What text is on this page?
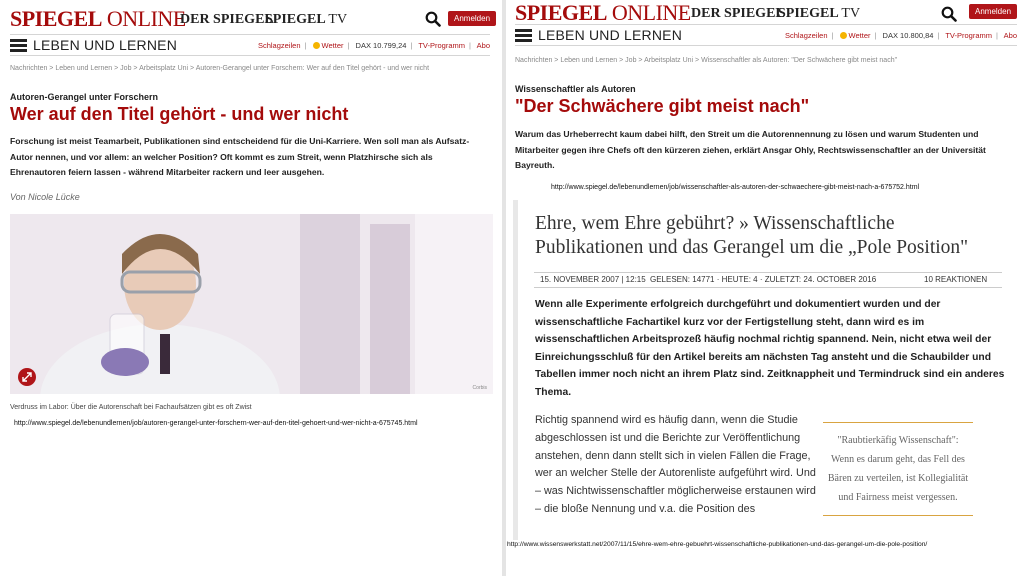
SPIEGEL ONLINE
DER SPIEGEL
SPIEGEL TV	Anmelden
LEBEN UND LERNEN	Schlagzeilen | Wetter | DAX 10.799,24 | TV-Programm | Abo
Nachrichten > Leben und Lernen > Job > Arbeitsplatz Uni > Autoren-Gerangel unter Forschern: Wer auf den Titel gehört - und wer nicht
Autoren-Gerangel unter Forschern
Wer auf den Titel gehört - und wer nicht
Forschung ist meist Teamarbeit, Publikationen sind entscheidend für die Uni-Karriere. Wen soll man als Aufsatz-Autor nennen, und vor allem: an welcher Position? Oft kommt es zum Streit, wenn Platzhirsche sich als Ehrenautoren feiern lassen - während Mitarbeiter rackern und leer ausgehen.
Von Nicole Lücke
Corbis
Verdruss im Labor: Über die Autorenschaft bei Fachaufsätzen gibt es oft Zwist
http://www.spiegel.de/lebenundlernen/job/autoren-gerangel-unter-forschern-wer-auf-den-titel-gehoert-und-wer-nicht-a-675745.html
SPIEGEL ONLINE DER SPIEGEL
SPIEGEL TV	Anmelden
LEBEN UND LERNEN	Schlagzeilen | Wetter | DAX 10.800,84 | TV-Programm | Abo
Nachrichten > Leben und Lernen > Job > Arbeitsplatz Uni > Wissenschaftler als Autoren: "Der Schwächere gibt meist nach"
Wissenschaftler als Autoren
"Der Schwächere gibt meist nach"
Warum das Urheberrecht kaum dabei hilft, den Streit um die Autorennennung zu lösen und warum Studenten und Mitarbeiter gegen ihre Chefs oft den kürzeren ziehen, erklärt Ansgar Ohly, Rechtswissenschaftler an der Universität Bayreuth.
http://www.spiegel.de/lebenundlernen/job/wissenschaftler-als-autoren-der-schwaechere-gibt-meist-nach-a-675752.html
Ehre, wem Ehre gebührt? » Wissenschaftliche Publikationen und das Gerangel um die „Pole Position"
15. NOVEMBER 2007 | 12:15 GELESEN: 14771 · HEUTE: 4 · ZULETZT: 24. OCTOBER 2016	10 REAKTIONEN
Wenn alle Experimente erfolgreich durchgeführt und dokumentiert wurden und der wissenschaftliche Fachartikel kurz vor der Fertigstellung steht, dann wird es im wissenschaftlichen Arbeitsprozeß häufig nochmal richtig spannend. Nein, nicht etwa weil der Einreichungsschluß für den Artikel bereits am nächsten Tag ansteht und die Schaubilder und Tabellen immer noch nicht an ihrem Platz sind. Zeitknappheit und Termindruck sind ein anderes Thema.
Richtig spannend wird es häufig dann, wenn die Studie abgeschlossen ist und die Berichte zur Veröffentlichung anstehen, denn dann stellt sich in vielen Fällen die Frage, wer an welcher Stelle der Autorenliste aufgeführt wird. Und – was Nichtwissenschaftler möglicherweise erstaunen wird – die bloße Nennung und v.a. die Position des
"Raubtierkäfig Wissenschaft": Wenn es darum geht, das Fell des Bären zu verteilen, ist Kollegialität und Fairness meist vergessen.
http://www.wissenswerkstatt.net/2007/11/15/ehre-wem-ehre-gebuehrt-wissenschaftliche-publikationen-und-das-gerangel-um-die-pole-position/
